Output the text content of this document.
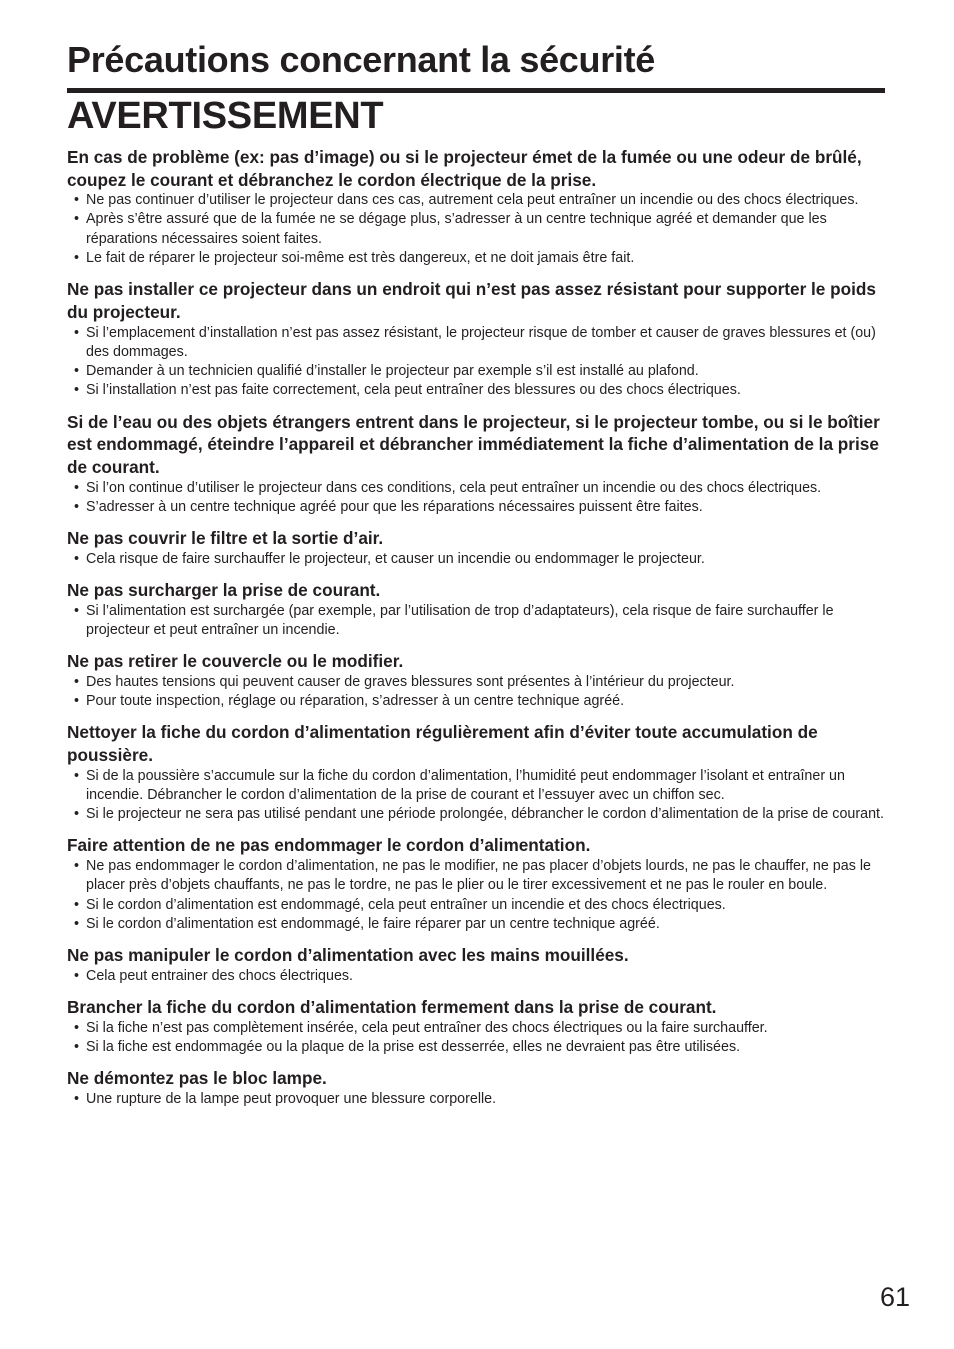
Précautions concernant la sécurité
AVERTISSEMENT

En cas de problème (ex: pas d’image) ou si le projecteur émet de la fumée ou une odeur de brûlé, coupez le courant et débranchez le cordon électrique de la prise.

• Ne pas continuer d’utiliser le projecteur dans ces cas, autrement cela peut entraîner un incendie ou des chocs électriques.
• Après s’être assuré que de la fumée ne se dégage plus, s’adresser à un centre technique agréé et demander que les réparations nécessaires soient faites.
• Le fait de réparer le projecteur soi-même est très dangereux, et ne doit jamais être fait.

Ne pas installer ce projecteur dans un endroit qui n’est pas assez résistant pour supporter le poids du projecteur.

• Si l’emplacement d’installation n’est pas assez résistant, le projecteur risque de tomber et causer de graves blessures et (ou) des dommages.
• Demander à un technicien qualifié d’installer le projecteur par exemple s’il est installé au plafond.
• Si l’installation n’est pas faite correctement, cela peut entraîner des blessures ou des chocs électriques.

Si de l’eau ou des objets étrangers entrent dans le projecteur, si le projecteur tombe, ou si le boîtier est endommagé, éteindre l’appareil et débrancher immédiatement la fiche d’alimentation de la prise de courant.

• Si l’on continue d’utiliser le projecteur dans ces conditions, cela peut entraîner un incendie ou des chocs électriques.
• S’adresser à un centre technique agréé pour que les réparations nécessaires puissent être faites.

Ne pas couvrir le filtre et la sortie d’air.

• Cela risque de faire surchauffer le projecteur, et causer un incendie ou endommager le projecteur.

Ne pas surcharger la prise de courant.

• Si l’alimentation est surchargée (par exemple, par l’utilisation de trop d’adaptateurs), cela risque de faire surchauffer le projecteur et peut entraîner un incendie.

Ne pas retirer le couvercle ou le modifier.

• Des hautes tensions qui peuvent causer de graves blessures sont présentes à l’intérieur du projecteur.
• Pour toute inspection, réglage ou réparation, s’adresser à un centre technique agréé.

Nettoyer la fiche du cordon d’alimentation régulièrement afin d’éviter toute accumulation de poussière.

• Si de la poussière s’accumule sur la fiche du cordon d’alimentation, l’humidité peut endommager l’isolant et entraîner un incendie. Débrancher le cordon d’alimentation de la prise de courant et l’essuyer avec un chiffon sec.
• Si le projecteur ne sera pas utilisé pendant une période prolongée, débrancher le cordon d’alimentation de la prise de courant.

Faire attention de ne pas endommager le cordon d’alimentation.

• Ne pas endommager le cordon d’alimentation, ne pas le modifier, ne pas placer d’objets lourds, ne pas le chauffer, ne pas le placer près d’objets chauffants, ne pas le tordre, ne pas le plier ou le tirer excessivement et ne pas le rouler en boule.
• Si le cordon d’alimentation est endommagé, cela peut entraîner un incendie et des chocs électriques.
• Si le cordon d’alimentation est endommagé, le faire réparer par un centre technique agréé.

Ne pas manipuler le cordon d’alimentation avec les mains mouillées.

• Cela peut entrainer des chocs électriques.

Brancher la fiche du cordon d’alimentation fermement dans la prise de courant.

• Si la fiche n’est pas complètement insérée, cela peut entraîner des chocs électriques ou la faire surchauffer.
• Si la fiche est endommagée ou la plaque de la prise est desserrée, elles ne devraient pas être utilisées.

Ne démontez pas le bloc lampe.

• Une rupture de la lampe peut provoquer une blessure corporelle.
61
